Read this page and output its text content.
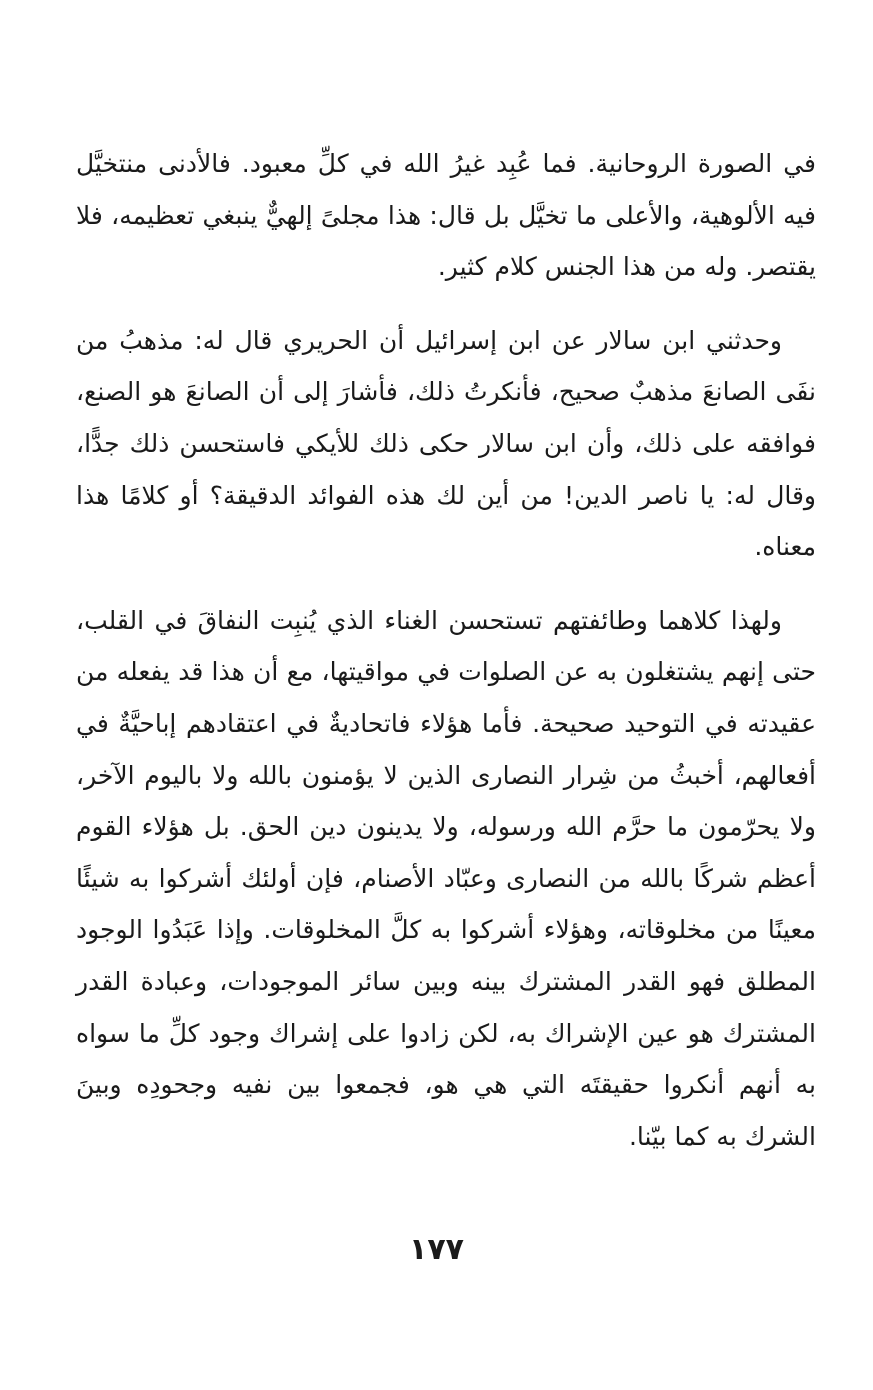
في الصورة الروحانية. فما عُبِد غيرُ الله في كلِّ معبود. فالأدنى منتخيَّل فيه الألوهية، والأعلى ما تخيَّل بل قال: هذا مجلىً إلهيٌّ ينبغي تعظيمه، فلا يقتصر. وله من هذا الجنس كلام كثير.

وحدثني ابن سالار عن ابن إسرائيل أن الحريري قال له: مذهبُ من نفَى الصانعَ مذهبٌ صحيح، فأنكرتُ ذلك، فأشارَ إلى أن الصانعَ هو الصنع، فوافقه على ذلك، وأن ابن سالار حكى ذلك للأيكي فاستحسن ذلك جدًّا، وقال له: يا ناصر الدين! من أين لك هذه الفوائد الدقيقة؟ أو كلامًا هذا معناه.

ولهذا كلاهما وطائفتهم تستحسن الغناء الذي يُنبِت النفاقَ في القلب، حتى إنهم يشتغلون به عن الصلوات في مواقيتها، مع أن هذا قد يفعله من عقيدته في التوحيد صحيحة. فأما هؤلاء فاتحاديةٌ في اعتقادهم إباحيَّةٌ في أفعالهم، أخبثُ من شِرار النصارى الذين لا يؤمنون بالله ولا باليوم الآخر، ولا يحرّمون ما حرَّم الله ورسوله، ولا يدينون دين الحق. بل هؤلاء القوم أعظم شركًا بالله من النصارى وعبّاد الأصنام، فإن أولئك أشركوا به شيئًا معينًا من مخلوقاته، وهؤلاء أشركوا به كلَّ المخلوقات. وإذا عَبَدُوا الوجود المطلق فهو القدر المشترك بينه وبين سائر الموجودات، وعبادة القدر المشترك هو عين الإشراك به، لكن زادوا على إشراك وجود كلِّ ما سواه به أنهم أنكروا حقيقتَه التي هي هو، فجمعوا بين نفيه وجحودِه وبينَ الشرك به كما بيّنا.

١٧٧
